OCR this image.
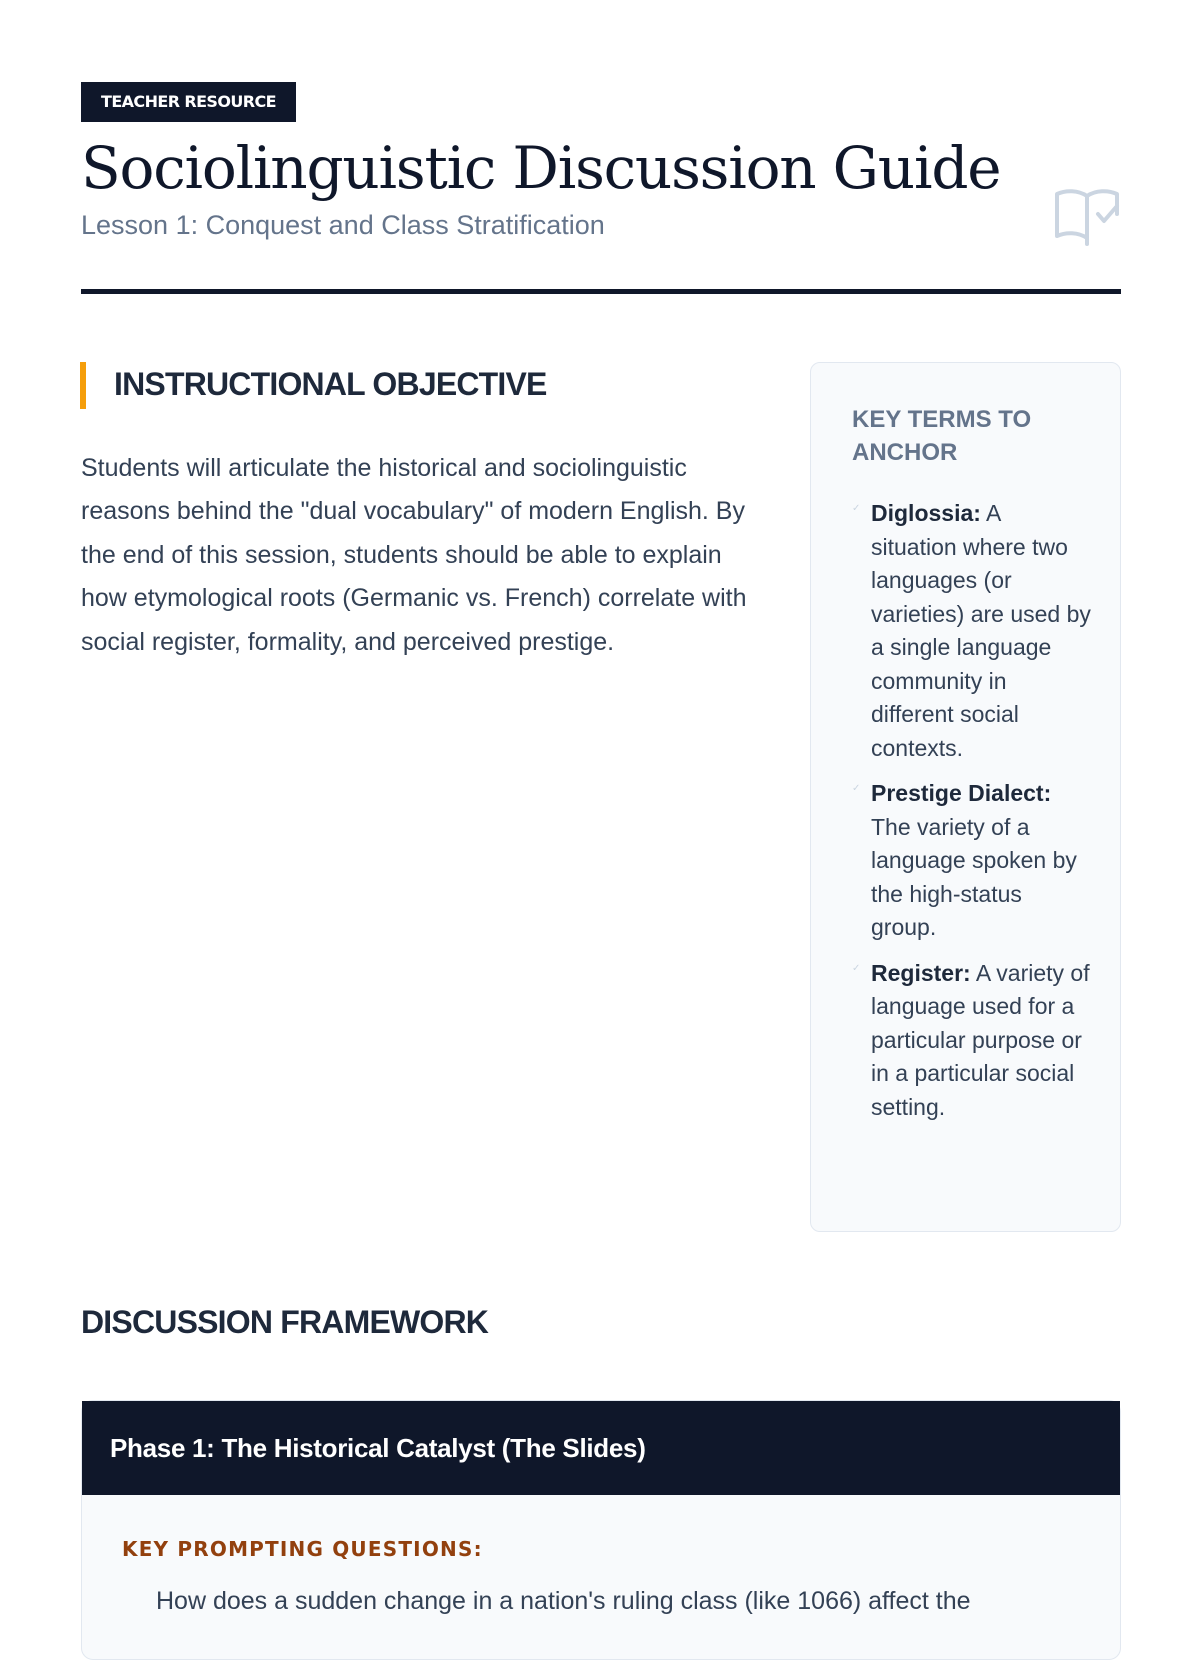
TEACHER RESOURCE
Sociolinguistic Discussion Guide
Lesson 1: Conquest and Class Stratification
INSTRUCTIONAL OBJECTIVE

Students will articulate the historical and sociolinguistic reasons behind the "dual vocabulary" of modern English. By the end of this session, students should be able to explain how etymological roots (Germanic vs. French) correlate with social register, formality, and perceived prestige.

KEY TERMS TO ANCHOR
✓ Diglossia: A situation where two languages (or varieties) are used by a single language community in different social contexts.
✓ Prestige Dialect: The variety of a language spoken by the high-status group.
✓ Register: A variety of language used for a particular purpose or in a particular social setting.
DISCUSSION FRAMEWORK
Phase 1: The Historical Catalyst (The Slides)
KEY PROMPTING QUESTIONS:
How does a sudden change in a nation's ruling class (like 1066) affect the
